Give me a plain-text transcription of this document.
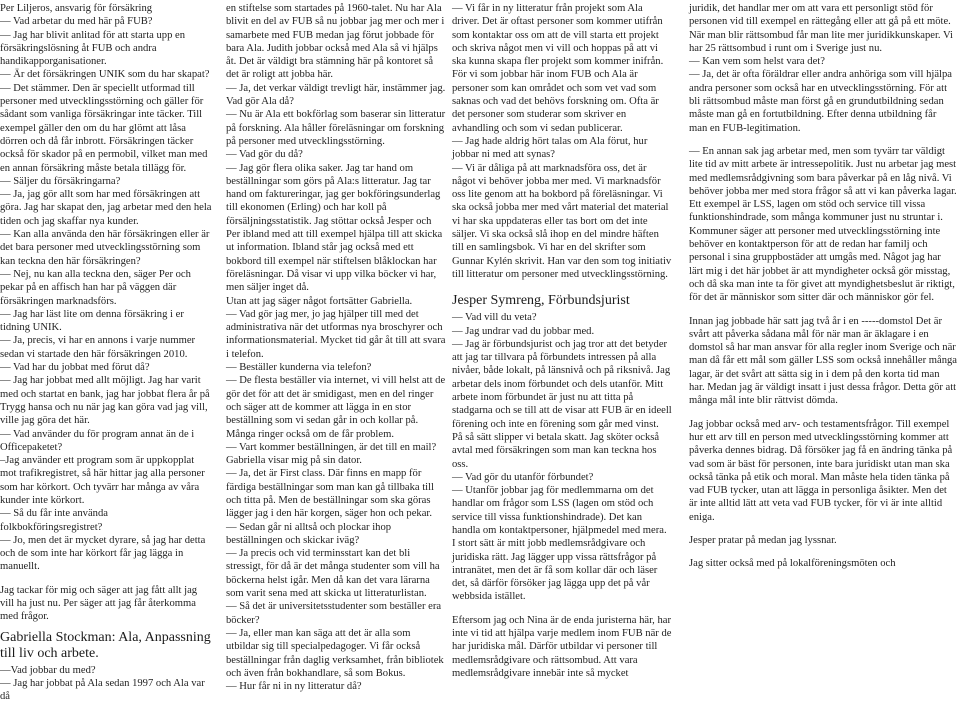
Per Liljeros, ansvarig för försäkring

— Vad arbetar du med här på FUB?

— Jag har blivit anlitad för att starta upp en försäkringslösning åt FUB och andra handikapporganisationer.

— Är det försäkringen UNIK som du har skapat?

— Det stämmer. Den är speciellt utformad till personer med utvecklingsstörning och gäller för sådant som vanliga försäkringar inte täcker. Till exempel gäller den om du har glömt att låsa dörren och då får inbrott. Försäkringen täcker också för skador på en permobil, vilket man med en annan försäkring måste betala tillägg för.

— Säljer du försäkringarna?

— Ja, jag gör allt som har med försäkringen att göra. Jag har skapat den, jag arbetar med den hela tiden och jag skaffar nya kunder.

— Kan alla använda den här försäkringen eller är det bara personer med utvecklingsstörning som kan teckna den här försäkringen?

— Nej, nu kan alla teckna den, säger Per och pekar på en affisch han har på väggen där försäkringen marknadsförs.

— Jag har läst lite om denna försäkring i er tidning UNIK.

— Ja, precis, vi har en annons i varje nummer sedan vi startade den här försäkringen 2010.

— Vad har du jobbat med förut då?

— Jag har jobbat med allt möjligt. Jag har varit med och startat en bank, jag har jobbat flera år på Trygg hansa och nu när jag kan göra vad jag vill, ville jag göra det här.

— Vad använder du för program annat än de i Officepaketet?

–Jag använder ett program som är uppkopplat mot trafikregistret, så här hittar jag alla personer som har körkort. Och tyvärr har många av våra kunder inte körkort.

— Så du får inte använda folkbokföringsregistret?

— Jo, men det är mycket dyrare, så jag har detta och de som inte har körkort får jag lägga in manuellt.

Jag tackar för mig och säger att jag fått allt jag vill ha just nu. Per säger att jag får återkomma med frågor.

Gabriella Stockman: Ala, Anpassning till liv och arbete.

—Vad jobbar du med?

— Jag har jobbat på Ala sedan 1997 och Ala var då

en stiftelse som startades på 1960-talet. Nu har Ala blivit en del av FUB så nu jobbar jag mer och mer i samarbete med FUB medan jag förut jobbade för bara Ala. Judith jobbar också med Ala så vi hjälps åt. Det är väldigt bra stämning här på kontoret så det är roligt att jobba här.

— Ja, det verkar väldigt trevligt här, instämmer jag. Vad gör Ala då?

— Nu är Ala ett bokförlag som baserar sin litteratur på forskning. Ala håller föreläsningar om forskning på personer med utvecklingsstörning.

— Vad gör du då?

— Jag gör flera olika saker. Jag tar hand om beställningar som görs på Ala:s litteratur. Jag tar hand om faktureringar, jag ger bokföringsunderlag till ekonomen (Erling) och har koll på försäljningsstatistik. Jag stöttar också Jesper och Per ibland med att till exempel hjälpa till att skicka ut information. Ibland står jag också med ett bokbord till exempel när stiftelsen blåklockan har föreläsningar. Då visar vi upp vilka böcker vi har, men säljer inget då.

Utan att jag säger något fortsätter Gabriella.

— Vad gör jag mer, jo jag hjälper till med det administrativa när det utformas nya broschyrer och informationsmaterial. Mycket tid går åt till att svara i telefon.

— Beställer kunderna via telefon?

— De flesta beställer via internet, vi vill helst att de gör det för att det är smidigast, men en del ringer och säger att de kommer att lägga in en stor beställning som vi sedan går in och kollar på. Många ringer också om de får problem.

— Vart kommer beställningen, är det till en mail? Gabriella visar mig på sin dator.

— Ja, det är First class. Där finns en mapp för färdiga beställningar som man kan gå tillbaka till och titta på. Men de beställningar som ska göras lägger jag i den här korgen, säger hon och pekar.

— Sedan går ni alltså och plockar ihop beställningen och skickar iväg?

— Ja precis och vid terminsstart kan det bli stressigt, för då är det många studenter som vill ha böckerna helst igår. Men då kan det vara lärarna som varit sena med att skicka ut litteraturlistan.

— Så det är universitetsstudenter som beställer era böcker?

— Ja, eller man kan säga att det är alla som utbildar sig till specialpedagoger. Vi får också beställningar från daglig verksamhet, från bibliotek och även från bokhandlare, så som Bokus.

— Hur får ni in ny litteratur då?

— Vi får in ny litteratur från projekt som Ala driver. Det är oftast personer som kommer utifrån som kontaktar oss om att de vill starta ett projekt och skriva något men vi vill och hoppas på att vi ska kunna skapa fler projekt som kommer inifrån. För vi som jobbar här inom FUB och Ala är personer som kan området och som vet vad som saknas och vad det behövs forskning om. Ofta är det personer som studerar som skriver en avhandling och som vi sedan publicerar.

— Jag hade aldrig hört talas om Ala förut, hur jobbar ni med att synas?

— Vi är dåliga på att marknadsföra oss, det är något vi behöver jobba mer med. Vi marknadsför oss lite genom att ha bokbord på föreläsningar. Vi ska också jobba mer med vårt material det material vi har ska uppdateras eller tas bort om det inte säljer. Vi ska också slå ihop en del mindre häften till en samlingsbok. Vi har en del skrifter som Gunnar Kylén skrivit. Han var den som tog initiativ till litteratur om personer med utvecklingsstörning.

Jesper Symreng, Förbundsjurist

— Vad vill du veta?

— Jag undrar vad du jobbar med.

— Jag är förbundsjurist och jag tror att det betyder att jag tar tillvara på förbundets intressen på alla nivåer, både lokalt, på länsnivå och på riksnivå. Jag arbetar dels inom förbundet och dels utanför. Mitt arbete inom förbundet är just nu att titta på stadgarna och se till att de visar att FUB är en ideell förening och inte en förening som går med vinst. På så sätt slipper vi betala skatt. Jag sköter också avtal med försäkringen som man kan teckna hos oss.

— Vad gör du utanför förbundet?

— Utanför jobbar jag för medlemmarna om det handlar om frågor som LSS (lagen om stöd och service till vissa funktionshindrade). Det kan handla om kontaktpersoner, hjälpmedel med mera. I stort sätt är mitt jobb medlemsrådgivare och juridiska rätt. Jag lägger upp vissa rättsfrågor på intranätet, men det är få som kollar där och läser det, så därför försöker jag lägga upp det på vår webbsida istället.

Eftersom jag och Nina är de enda juristerna här, har inte vi tid att hjälpa varje medlem inom FUB när de har juridiska mål. Därför utbildar vi personer till medlemsrådgivare och rättsombud. Att vara medlemsrådgivare innebär inte så mycket

juridik, det handlar mer om att vara ett personligt stöd för personen vid till exempel en rättegång eller att gå på ett möte. När man blir rättsombud får man lite mer juridikkunskaper. Vi har 25 rättsombud i runt om i Sverige just nu.

— Kan vem som helst vara det?

— Ja, det är ofta föräldrar eller andra anhöriga som vill hjälpa andra personer som också har en utvecklingsstörning. För att bli rättsombud måste man först gå en grundutbildning sedan måste man gå en fortutbildning. Efter denna utbildning får man en FUB-legitimation.

— En annan sak jag arbetar med, men som tyvärr tar väldigt lite tid av mitt arbete är intressepolitik. Just nu arbetar jag mest med medlemsrådgivning som bara påverkar på en låg nivå. Vi behöver jobba mer med stora frågor så att vi kan påverka lagar. Ett exempel är LSS, lagen om stöd och service till vissa funktionshindrade, som många kommuner just nu struntar i. Kommuner säger att personer med utvecklingsstörning inte behöver en kontaktperson för att de redan har familj och personal i sina gruppbostäder att umgås med. Något jag har lärt mig i det här jobbet är att myndigheter också gör misstag, och då ska man inte ta för givet att myndighetsbeslut är riktigt, för det är människor som sitter där och människor gör fel.

Innan jag jobbade här satt jag två år i en -----domstol Det är svårt att påverka sådana mål för när man är äklagare i en domstol så har man ansvar för alla regler inom Sverige och när man då får ett mål som gäller LSS som också innehåller många lagar, är det svårt att sätta sig in i dem på den korta tid man har. Medan jag är väldigt insatt i just dessa frågor. Detta gör att många mål inte blir rättvist dömda.

Jag jobbar också med arv- och testamentsfrågor. Till exempel hur ett arv till en person med utvecklingsstörning kommer att påverka dennes bidrag. Då försöker jag få en ändring tänka på vad som är bäst för personen, inte bara juridiskt utan man ska också tänka på etik och moral. Man måste hela tiden tänka på vad FUB tycker, utan att lägga in personliga åsikter. Men det är inte alltid lätt att veta vad FUB tycker, för vi är inte alltid eniga.

Jesper pratar på medan jag lyssnar.

Jag sitter också med på lokalföreningsmöten och
